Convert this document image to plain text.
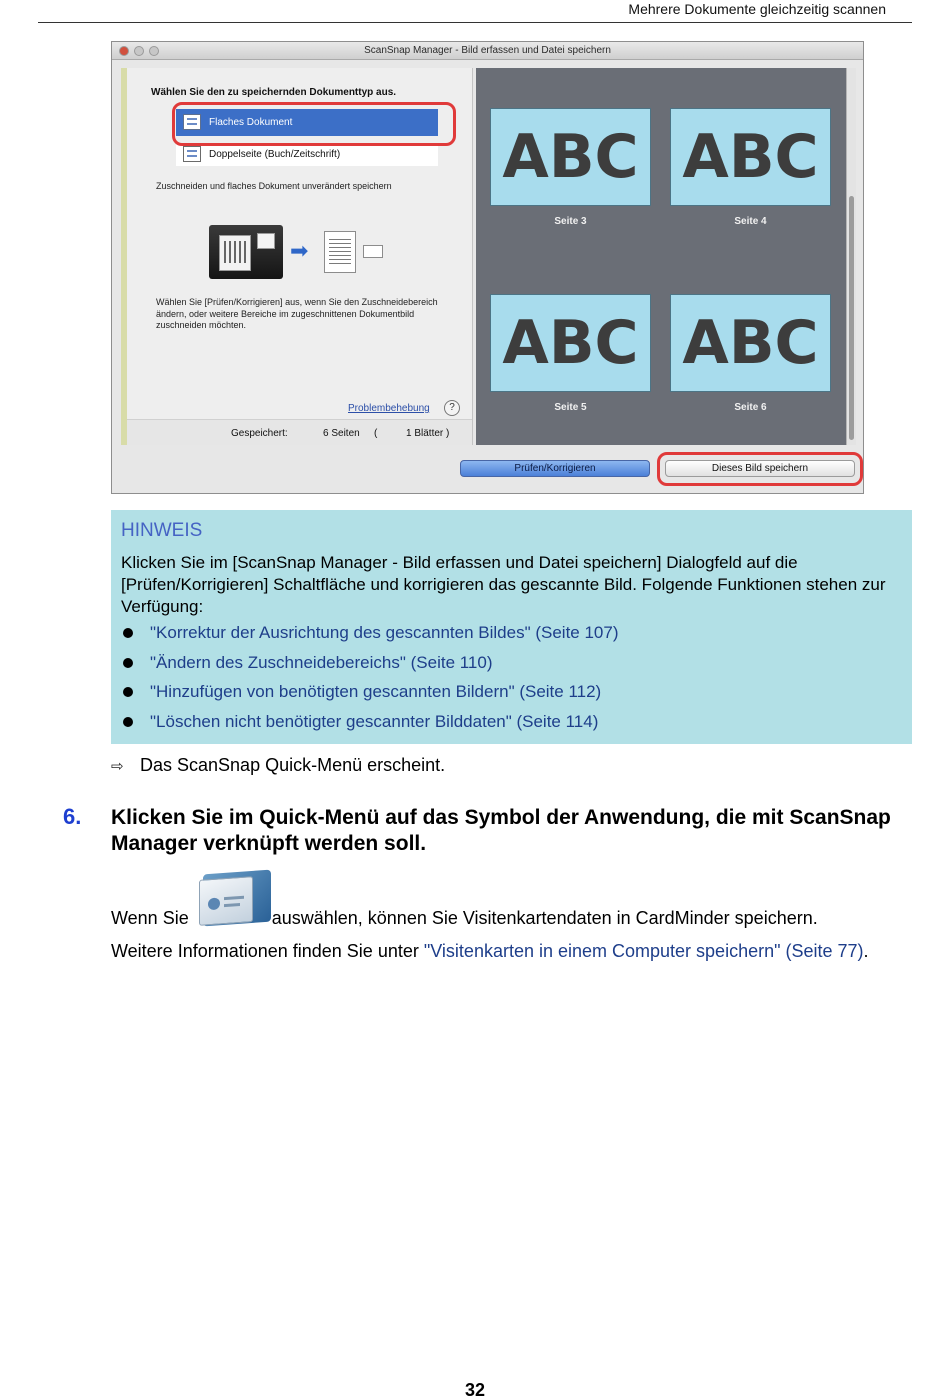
Mehrere Dokumente gleichzeitig scannen
ScanSnap Manager - Bild erfassen und Datei speichern
Wählen Sie den zu speichernden Dokumenttyp aus.
Flaches Dokument
Doppelseite (Buch/Zeitschrift)
Zuschneiden und flaches Dokument unverändert speichern
➡
Wählen Sie [Prüfen/Korrigieren] aus, wenn Sie den Zuschneidebereich ändern, oder weitere Bereiche im zugeschnittenen Dokumentbild zuschneiden möchten.
Problembehebung	?
Gespeichert:	6 Seiten (	1 Blätter )
ABC
Seite 3
ABC
Seite 4
ABC
Seite 5
ABC
Seite 6
Prüfen/Korrigieren	Dieses Bild speichern
HINWEIS
Klicken Sie im [ScanSnap Manager - Bild erfassen und Datei speichern] Dialogfeld auf die [Prüfen/Korrigieren] Schaltfläche und korrigieren das gescannte Bild. Folgende Funktionen stehen zur Verfügung:
"Korrektur der Ausrichtung des gescannten Bildes" (Seite 107)
"Ändern des Zuschneidebereichs" (Seite 110)
"Hinzufügen von benötigten gescannten Bildern" (Seite 112)
"Löschen nicht benötigter gescannter Bilddaten" (Seite 114)
⇨ Das ScanSnap Quick-Menü erscheint.
6. Klicken Sie im Quick-Menü auf das Symbol der Anwendung, die mit ScanSnap Manager verknüpft werden soll.
Wenn Sie	auswählen, können Sie Visitenkartendaten in CardMinder speichern.
Weitere Informationen finden Sie unter "Visitenkarten in einem Computer speichern" (Seite 77).
32
